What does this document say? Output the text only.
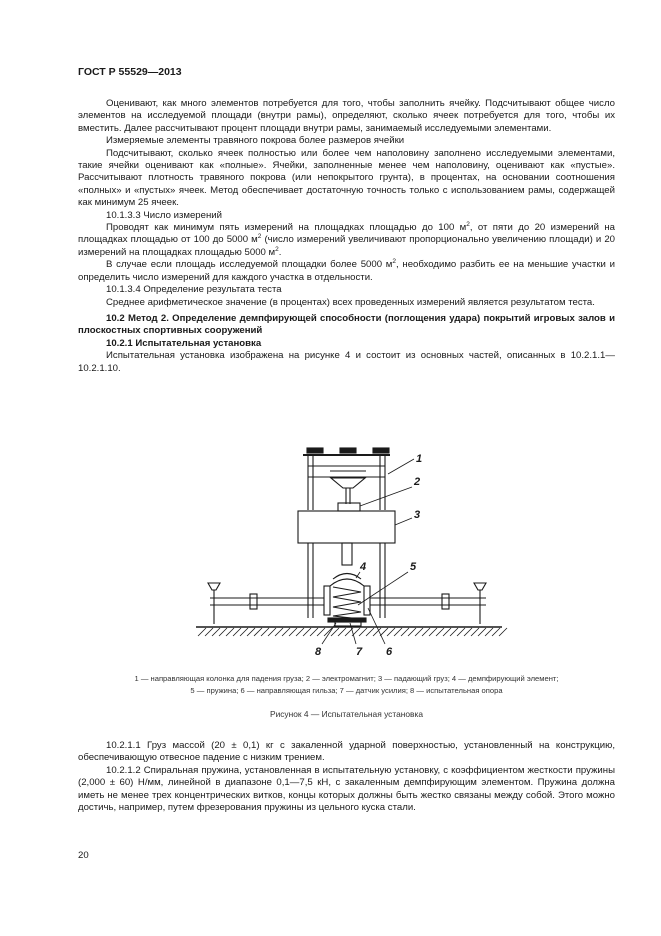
ГОСТ Р 55529—2013

Оценивают, как много элементов потребуется для того, чтобы заполнить ячейку. Подсчитывают общее число элементов на исследуемой площади (внутри рамы), определяют, сколько ячеек потребуется для того, чтобы их вместить. Далее рассчитывают процент площади внутри рамы, занимаемый исследуемыми элементами.

Измеряемые элементы травяного покрова более размеров ячейки

Подсчитывают, сколько ячеек полностью или более чем наполовину заполнено исследуемыми элементами, такие ячейки оценивают как «полные». Ячейки, заполненные менее чем наполовину, оценивают как «пустые». Рассчитывают плотность травяного покрова (или непокрытого грунта), в процентах, на основании соотношения «полных» и «пустых» ячеек. Метод обеспечивает достаточную точность только с использованием рамы, содержащей как минимум 25 ячеек.

10.1.3.3 Число измерений

Проводят как минимум пять измерений на площадках площадью до 100 $м^2$, от пяти до 20 измерений на площадках площадью от 100 до 5000 $м^2$ (число измерений увеличивают пропорционально увеличению площади) и 20 измерений на площадках площадью 5000 $м^2$.

В случае если площадь исследуемой площадки более 5000 $м^2$, необходимо разбить ее на меньшие участки и определить число измерений для каждого участка в отдельности.

10.1.3.4 Определение результата теста

Среднее арифметическое значение (в процентах) всех проведенных измерений является результатом теста.

10.2 Метод 2. Определение демпфирующей способности (поглощения удара) покрытий игровых залов и плоскостных спортивных сооружений

10.2.1 Испытательная установка

Испытательная установка изображена на рисунке 4 и состоит из основных частей, описанных в 10.2.1.1—10.2.1.10.

1
2
3
4	5
6
7
8
1 — направляющая колонка для падения груза; 2 — электромагнит; 3 — падающий груз; 4 — демпфирующий элемент;
5 — пружина; 6 — направляющая гильза; 7 — датчик усилия; 8 — испытательная опора
Рисунок 4 — Испытательная установка

10.2.1.1 Груз массой (20 ± 0,1) кг с закаленной ударной поверхностью, установленный на конструкцию, обеспечивающую отвесное падение с низким трением.

10.2.1.2 Спиральная пружина, установленная в испытательную установку, с коэффициентом жесткости пружины (2,000 ± 60) Н/мм, линейной в диапазоне 0,1—7,5 кН, с закаленным демпфирующим элементом. Пружина должна иметь не менее трех концентрических витков, концы которых должны быть жестко связаны между собой. Этого можно достичь, например, путем фрезерования пружины из цельного куска стали.

20
